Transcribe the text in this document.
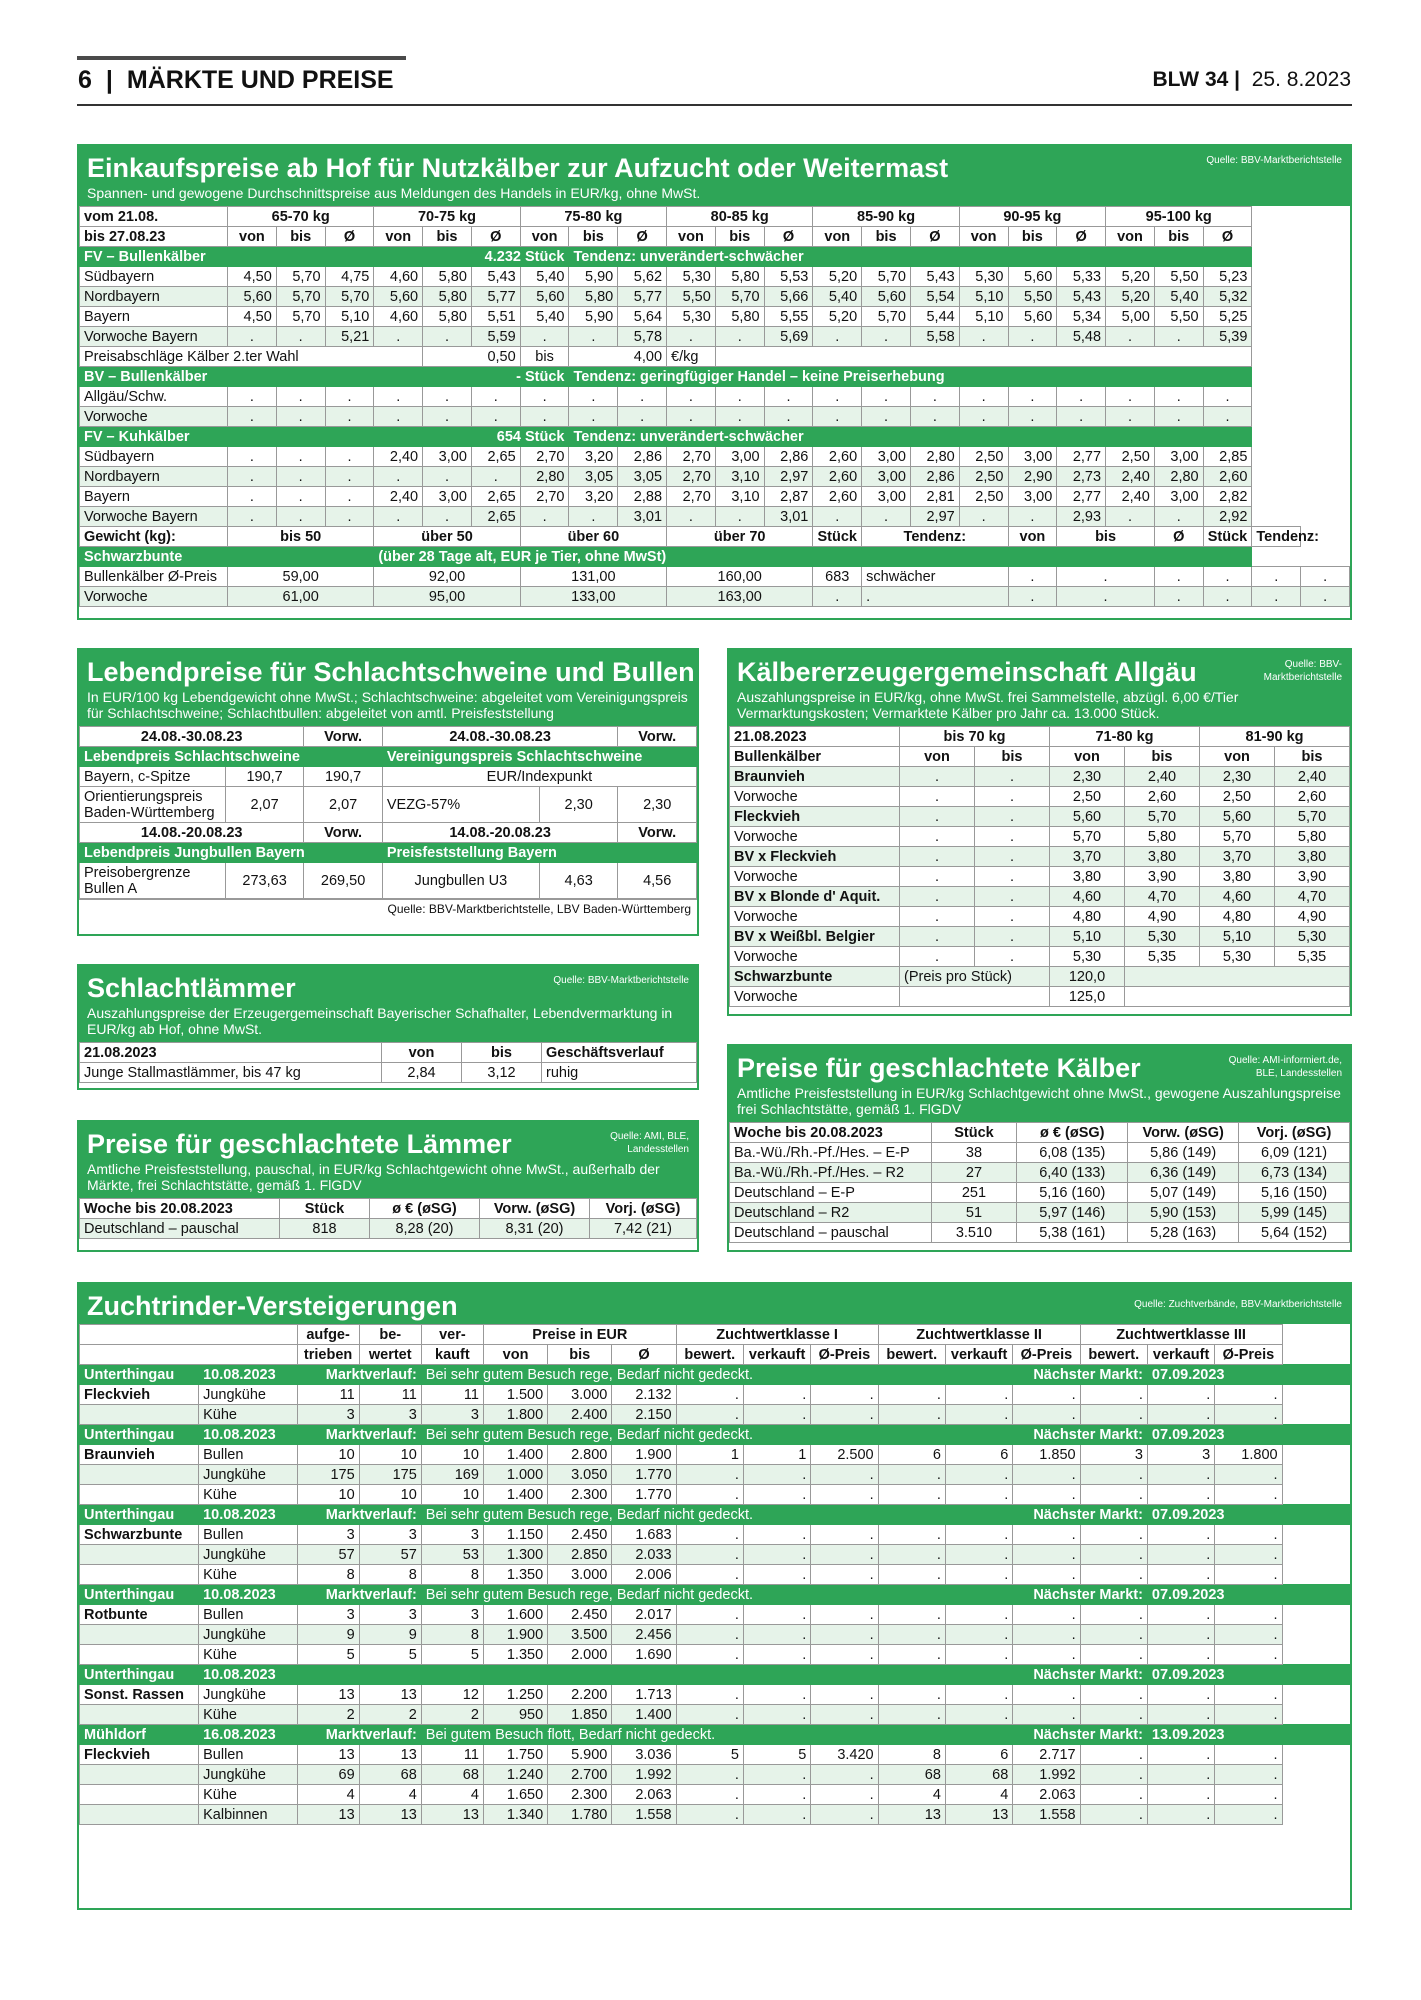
6 | MÄRKTE UND PREISE	BLW 34 | 25. 8.2023
Einkaufspreise ab Hof für Nutzkälber zur Aufzucht oder Weitermast	Quelle: BBV-Marktberichtstelle
Spannen- und gewogene Durchschnittspreise aus Meldungen des Handels in EUR/kg, ohne MwSt.
vom 21.08.	65-70 kg			70-75 kg			75-80 kg			80-85 kg			85-90 kg			90-95 kg			95-100 kg				
bis 27.08.23	von	bis	Ø	von	bis	Ø	von	bis	Ø	von	bis	Ø	von	bis	Ø	von	bis	Ø	von	bis	Ø		
FV – Bullenkälber					4.232 Stück			Tendenz: unverändert-schwächer															
Südbayern	4,50	5,70	4,75	4,60	5,80	5,43	5,40	5,90	5,62	5,30	5,80	5,53	5,20	5,70	5,43	5,30	5,60	5,33	5,20	5,50	5,23		
Nordbayern	5,60	5,70	5,70	5,60	5,80	5,77	5,60	5,80	5,77	5,50	5,70	5,66	5,40	5,60	5,54	5,10	5,50	5,43	5,20	5,40	5,32		
Bayern	4,50	5,70	5,10	4,60	5,80	5,51	5,40	5,90	5,64	5,30	5,80	5,55	5,20	5,70	5,44	5,10	5,60	5,34	5,00	5,50	5,25		
Vorwoche Bayern	.	.	5,21	.	.	5,59	.	.	5,78	.	.	5,69	.	.	5,58	.	.	5,48	.	.	5,39		
Preisabschläge Kälber 2.ter Wahl					0,50		bis	4,00		€/kg													
BV – Bullenkälber					- Stück			Tendenz: geringfügiger Handel – keine Preiserhebung															
Allgäu/Schw.	.	.	.	.	.	.	.	.	.	.	.	.	.	.	.	.	.	.	.	.	.		
Vorwoche	.	.	.	.	.	.	.	.	.	.	.	.	.	.	.	.	.	.	.	.	.		
FV – Kuhkälber					654 Stück			Tendenz: unverändert-schwächer															
Südbayern	.	.	.	2,40	3,00	2,65	2,70	3,20	2,86	2,70	3,00	2,86	2,60	3,00	2,80	2,50	3,00	2,77	2,50	3,00	2,85		
Nordbayern	.	.	.	.	.	.	2,80	3,05	3,05	2,70	3,10	2,97	2,60	3,00	2,86	2,50	2,90	2,73	2,40	2,80	2,60		
Bayern	.	.	.	2,40	3,00	2,65	2,70	3,20	2,88	2,70	3,10	2,87	2,60	3,00	2,81	2,50	3,00	2,77	2,40	3,00	2,82		
Vorwoche Bayern	.	.	.	.	.	2,65	.	.	3,01	.	.	3,01	.	.	2,97	.	.	2,93	.	.	2,92		
Gewicht (kg):	bis 50			über 50			über 60			über 70			Stück	Tendenz:			von	bis		Ø	Stück	Tendenz:	
Schwarzbunte				(über 28 Tage alt, EUR je Tier, ohne MwSt)																			
Bullenkälber Ø-Preis	59,00			92,00			131,00			160,00			683	schwächer			.	.		.	.	.	.
Vorwoche	61,00			95,00			133,00			163,00			.	.			.	.		.	.	.	.
Lebendpreise für Schlachtschweine und Bullen
In EUR/100 kg Lebendgewicht ohne MwSt.; Schlachtschweine: abgeleitet vom Vereinigungspreis für Schlachtschweine; Schlachtbullen: abgeleitet von amtl. Preisfeststellung
24.08.-30.08.23		Vorw.	24.08.-30.08.23		Vorw.
Lebendpreis Schlachtschweine			Vereinigungspreis Schlachtschweine		
Bayern, c-Spitze	190,7	190,7	EUR/Indexpunkt		
Orientierungspreis Baden-Württemberg	2,07	2,07	VEZG-57%	2,30	2,30
14.08.-20.08.23		Vorw.	14.08.-20.08.23		Vorw.
Lebendpreis Jungbullen Bayern			Preisfeststellung Bayern		
Preisobergrenze Bullen A	273,63	269,50	Jungbullen U3	4,63	4,56
Quelle: BBV-Marktberichtstelle, LBV Baden-Württemberg
Schlachtlämmer	Quelle: BBV-Marktberichtstelle
Auszahlungspreise der Erzeugergemeinschaft Bayerischer Schafhalter, Lebendvermarktung in EUR/kg ab Hof, ohne MwSt.
21.08.2023	von	bis	Geschäftsverlauf
Junge Stallmastlämmer, bis 47 kg	2,84	3,12	ruhig
Preise für geschlachtete Lämmer	Quelle: AMI, BLE, Landesstellen
Amtliche Preisfeststellung, pauschal, in EUR/kg Schlachtgewicht ohne MwSt., außerhalb der Märkte, frei Schlachtstätte, gemäß 1. FlGDV
Woche bis 20.08.2023	Stück	ø € (øSG)	Vorw. (øSG)	Vorj. (øSG)
Deutschland – pauschal	818	8,28 (20)	8,31 (20)	7,42 (21)
Kälbererzeugergemeinschaft Allgäu	Quelle: BBV-Marktberichtstelle
Auszahlungspreise in EUR/kg, ohne MwSt. frei Sammelstelle, abzügl. 6,00 €/Tier Vermarktungskosten; Vermarktete Kälber pro Jahr ca. 13.000 Stück.
21.08.2023	bis 70 kg		71-80 kg		81-90 kg	
Bullenkälber	von	bis	von	bis	von	bis
Braunvieh	.	.	2,30	2,40	2,30	2,40
Vorwoche	.	.	2,50	2,60	2,50	2,60
Fleckvieh	.	.	5,60	5,70	5,60	5,70
Vorwoche	.	.	5,70	5,80	5,70	5,80
BV x Fleckvieh	.	.	3,70	3,80	3,70	3,80
Vorwoche	.	.	3,80	3,90	3,80	3,90
BV x Blonde d' Aquit.	.	.	4,60	4,70	4,60	4,70
Vorwoche	.	.	4,80	4,90	4,80	4,90
BV x Weißbl. Belgier	.	.	5,10	5,30	5,10	5,30
Vorwoche	.	.	5,30	5,35	5,30	5,35
Schwarzbunte	(Preis pro Stück)		120,0			
Vorwoche			125,0			
Preise für geschlachtete Kälber	Quelle: AMI-informiert.de, BLE, Landesstellen
Amtliche Preisfeststellung in EUR/kg Schlachtgewicht ohne MwSt., gewogene Auszahlungspreise frei Schlachtstätte, gemäß 1. FlGDV
Woche bis 20.08.2023	Stück	ø € (øSG)	Vorw. (øSG)	Vorj. (øSG)
Ba.-Wü./Rh.-Pf./Hes. – E-P	38	6,08 (135)	5,86 (149)	6,09 (121)
Ba.-Wü./Rh.-Pf./Hes. – R2	27	6,40 (133)	6,36 (149)	6,73 (134)
Deutschland – E-P	251	5,16 (160)	5,07 (149)	5,16 (150)
Deutschland – R2	51	5,97 (146)	5,90 (153)	5,99 (145)
Deutschland – pauschal	3.510	5,38 (161)	5,28 (163)	5,64 (152)
Zuchtrinder-Versteigerungen	Quelle: Zuchtverbände, BBV-Marktberichtstelle
		aufge-	be-	ver-	Preise in EUR			Zuchtwertklasse I			Zuchtwertklasse II			Zuchtwertklasse III			
		trieben	wertet	kauft	von	bis	Ø	bewert.	verkauft	Ø-Preis	bewert.	verkauft	Ø-Preis	bewert.	verkauft	Ø-Preis	
Unterthingau	10.08.2023	Marktverlauf:		Bei sehr gutem Besuch rege, Bedarf nicht gedeckt.									Nächster Markt:		07.09.2023		
Fleckvieh	Jungkühe	11	11	11	1.500	3.000	2.132	.	.	.	.	.	.	.	.	.	
	Kühe	3	3	3	1.800	2.400	2.150	.	.	.	.	.	.	.	.	.	
Unterthingau	10.08.2023	Marktverlauf:		Bei sehr gutem Besuch rege, Bedarf nicht gedeckt.									Nächster Markt:		07.09.2023		
Braunvieh	Bullen	10	10	10	1.400	2.800	1.900	1	1	2.500	6	6	1.850	3	3	1.800	
	Jungkühe	175	175	169	1.000	3.050	1.770	.	.	.	.	.	.	.	.	.	
	Kühe	10	10	10	1.400	2.300	1.770	.	.	.	.	.	.	.	.	.	
Unterthingau	10.08.2023	Marktverlauf:		Bei sehr gutem Besuch rege, Bedarf nicht gedeckt.									Nächster Markt:		07.09.2023		
Schwarzbunte	Bullen	3	3	3	1.150	2.450	1.683	.	.	.	.	.	.	.	.	.	
	Jungkühe	57	57	53	1.300	2.850	2.033	.	.	.	.	.	.	.	.	.	
	Kühe	8	8	8	1.350	3.000	2.006	.	.	.	.	.	.	.	.	.	
Unterthingau	10.08.2023	Marktverlauf:		Bei sehr gutem Besuch rege, Bedarf nicht gedeckt.									Nächster Markt:		07.09.2023		
Rotbunte	Bullen	3	3	3	1.600	2.450	2.017	.	.	.	.	.	.	.	.	.	
	Jungkühe	9	9	8	1.900	3.500	2.456	.	.	.	.	.	.	.	.	.	
	Kühe	5	5	5	1.350	2.000	1.690	.	.	.	.	.	.	.	.	.	
Unterthingau	10.08.2023												Nächster Markt:		07.09.2023		
Sonst. Rassen	Jungkühe	13	13	12	1.250	2.200	1.713	.	.	.	.	.	.	.	.	.	
	Kühe	2	2	2	950	1.850	1.400	.	.	.	.	.	.	.	.	.	
Mühldorf	16.08.2023	Marktverlauf:		Bei gutem Besuch flott, Bedarf nicht gedeckt.									Nächster Markt:		13.09.2023		
Fleckvieh	Bullen	13	13	11	1.750	5.900	3.036	5	5	3.420	8	6	2.717	.	.	.	
	Jungkühe	69	68	68	1.240	2.700	1.992	.	.	.	68	68	1.992	.	.	.	
	Kühe	4	4	4	1.650	2.300	2.063	.	.	.	4	4	2.063	.	.	.	
	Kalbinnen	13	13	13	1.340	1.780	1.558	.	.	.	13	13	1.558	.	.	.	
